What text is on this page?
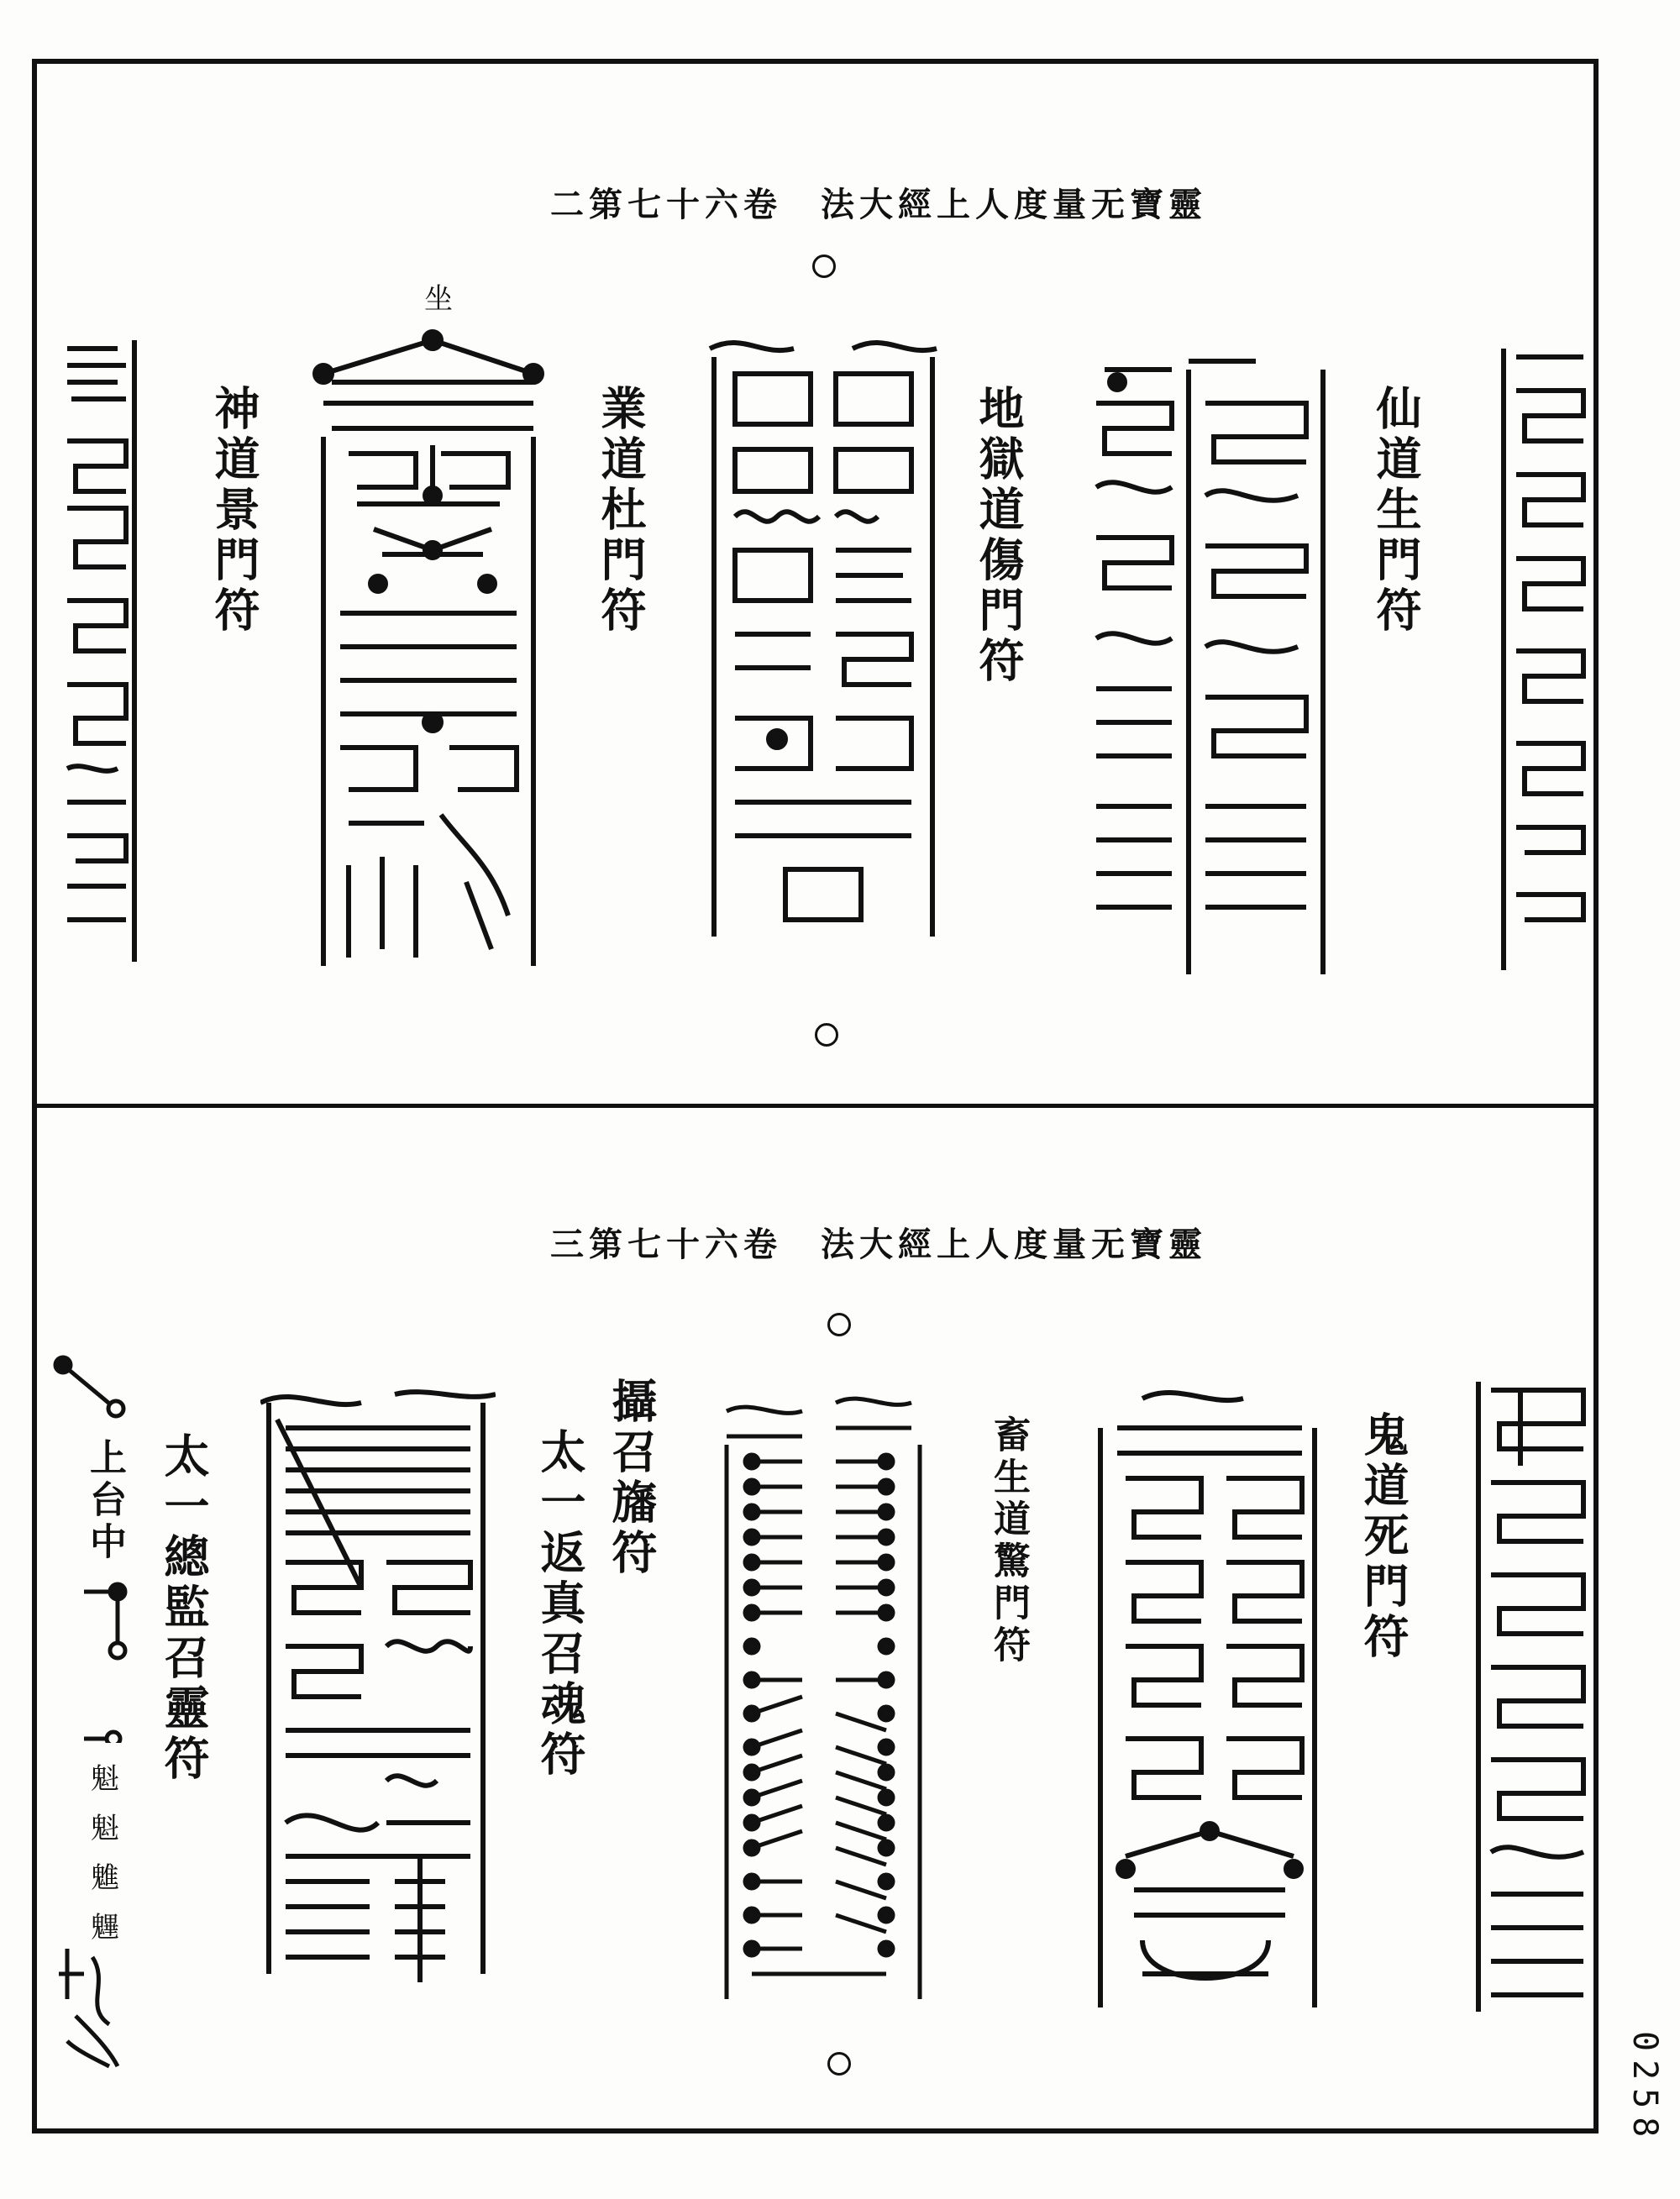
二第七十六卷　法大經上人度量无寶靈
坐
神道景門符	業道杜門符	地獄道傷門符	仙道生門符
三第七十六卷　法大經上人度量无寶靈
太一總監召靈符
上台中	太一返真召魂符 攝召旛符	畜生道驚門符	鬼道死門符
魁
魁
魋
魓
0258
